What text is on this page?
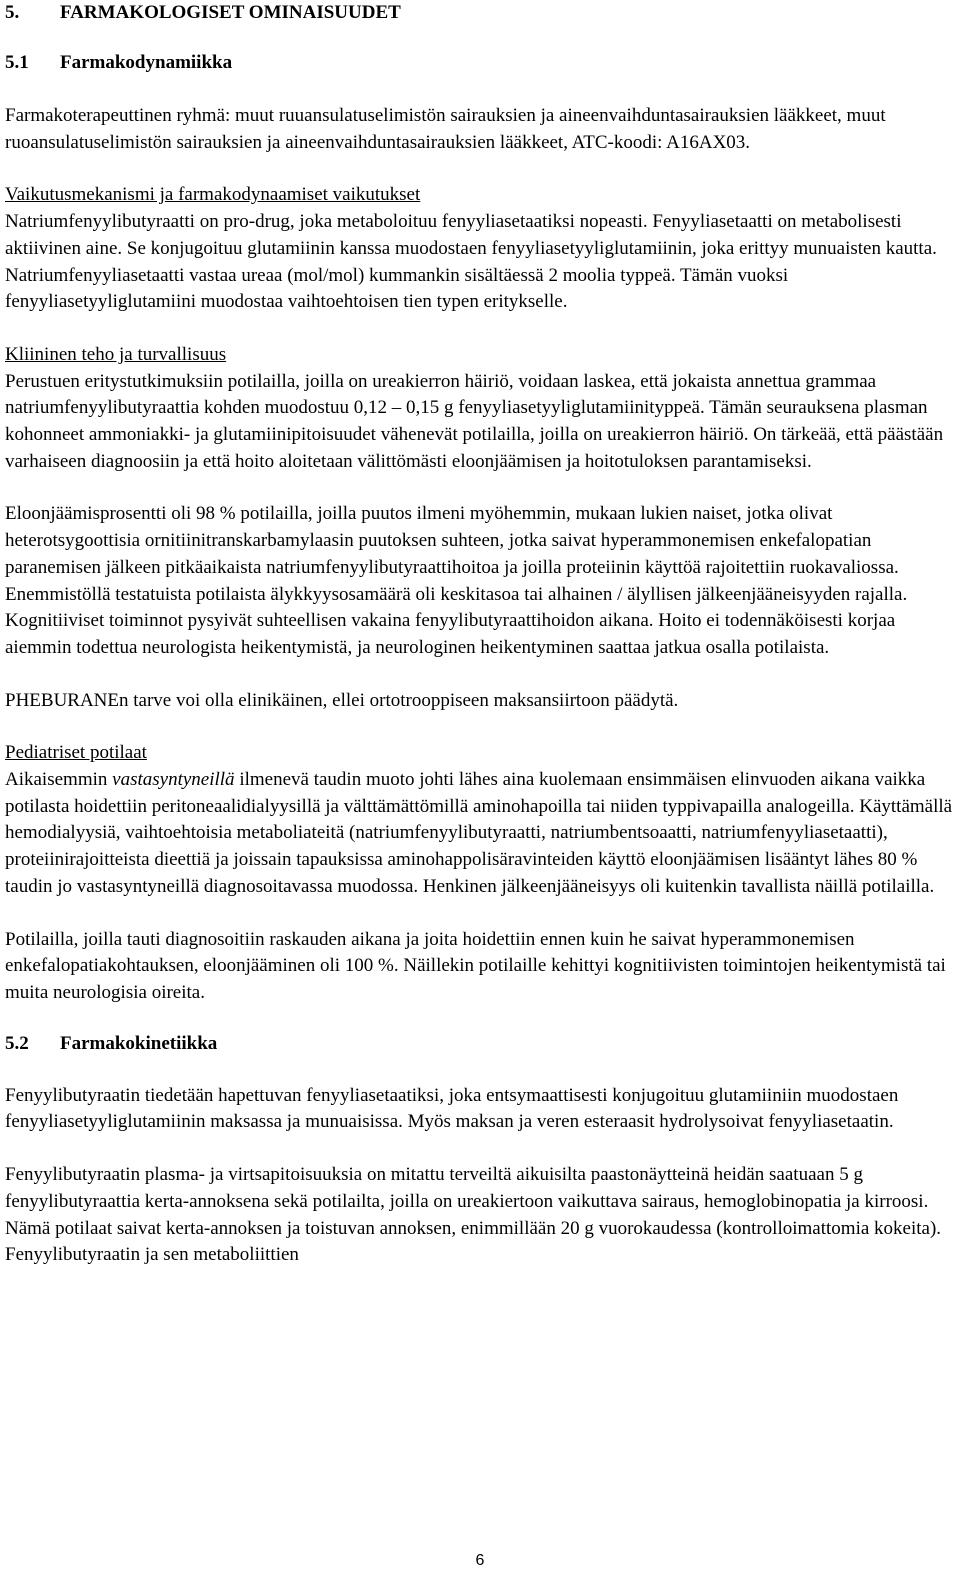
5. FARMAKOLOGISET OMINAISUUDET
5.1 Farmakodynamiikka

Farmakoterapeuttinen ryhmä: muut ruuansulatuselimistön sairauksien ja aineenvaihduntasairauksien lääkkeet, muut ruoansulatuselimistön sairauksien ja aineenvaihduntasairauksien lääkkeet, ATC-koodi: A16AX03.

Vaikutusmekanismi ja farmakodynaamiset vaikutukset

Natriumfenyylibutyraatti on pro-drug, joka metaboloituu fenyyliasetaatiksi nopeasti. Fenyyliasetaatti on metabolisesti aktiivinen aine. Se konjugoituu glutamiinin kanssa muodostaen fenyyliasetyyliglutamiinin, joka erittyy munuaisten kautta. Natriumfenyyliasetaatti vastaa ureaa (mol/mol) kummankin sisältäessä 2 moolia typpeä. Tämän vuoksi fenyyliasetyyliglutamiini muodostaa vaihtoehtoisen tien typen eritykselle.

Kliininen teho ja turvallisuus

Perustuen eritystutkimuksiin potilailla, joilla on ureakierron häiriö, voidaan laskea, että jokaista annettua grammaa natriumfenyylibutyraattia kohden muodostuu 0,12 – 0,15 g fenyyliasetyyliglutamiinityppeä. Tämän seurauksena plasman kohonneet ammoniakki- ja glutamiinipitoisuudet vähenevät potilailla, joilla on ureakierron häiriö. On tärkeää, että päästään varhaiseen diagnoosiin ja että hoito aloitetaan välittömästi eloonjäämisen ja hoitotuloksen parantamiseksi.

Eloonjäämisprosentti oli 98 % potilailla, joilla puutos ilmeni myöhemmin, mukaan lukien naiset, jotka olivat heterotsygoottisia ornitiinitranskarbamylaasin puutoksen suhteen, jotka saivat hyperammonemisen enkefalopatian paranemisen jälkeen pitkäaikaista natriumfenyylibutyraattihoitoa ja joilla proteiinin käyttöä rajoitettiin ruokavaliossa. Enemmistöllä testatuista potilaista älykkyysosamäärä oli keskitasoa tai alhainen / älyllisen jälkeenjääneisyyden rajalla. Kognitiiviset toiminnot pysyivät suhteellisen vakaina fenyylibutyraattihoidon aikana. Hoito ei todennäköisesti korjaa aiemmin todettua neurologista heikentymistä, ja neurologinen heikentyminen saattaa jatkua osalla potilaista.

PHEBURANEn tarve voi olla elinikäinen, ellei ortotrooppiseen maksansiirtoon päädytä.

Pediatriset potilaat

Aikaisemmin vastasyntyneillä ilmenevä taudin muoto johti lähes aina kuolemaan ensimmäisen elinvuoden aikana vaikka potilasta hoidettiin peritoneaalidialyysillä ja välttämättömillä aminohapoilla tai niiden typpivapailla analogeilla. Käyttämällä hemodialyysiä, vaihtoehtoisia metaboliateitä (natriumfenyylibutyraatti, natriumbentsoaatti, natriumfenyyliasetaatti), proteiinirajoitteista dieettiä ja joissain tapauksissa aminohappolisäravinteiden käyttö eloonjäämisen lisääntyt lähes 80 % taudin jo vastasyntyneillä diagnosoitavassa muodossa. Henkinen jälkeenjääneisyys oli kuitenkin tavallista näillä potilailla.

Potilailla, joilla tauti diagnosoitiin raskauden aikana ja joita hoidettiin ennen kuin he saivat hyperammonemisen enkefalopatiakohtauksen, eloonjääminen oli 100 %. Näillekin potilaille kehittyi kognitiivisten toimintojen heikentymistä tai muita neurologisia oireita.

5.2 Farmakokinetiikka

Fenyylibutyraatin tiedetään hapettuvan fenyyliasetaatiksi, joka entsymaattisesti konjugoituu glutamiiniin muodostaen fenyyliasetyyliglutamiinin maksassa ja munuaisissa. Myös maksan ja veren esteraasit hydrolysoivat fenyyliasetaatin.

Fenyylibutyraatin plasma- ja virtsapitoisuuksia on mitattu terveiltä aikuisilta paastonäytteinä heidän saatuaan 5 g fenyylibutyraattia kerta-annoksena sekä potilailta, joilla on ureakiertoon vaikuttava sairaus, hemoglobinopatia ja kirroosi. Nämä potilaat saivat kerta-annoksen ja toistuvan annoksen, enimmillään 20 g vuorokaudessa (kontrolloimattomia kokeita). Fenyylibutyraatin ja sen metaboliittien

6
